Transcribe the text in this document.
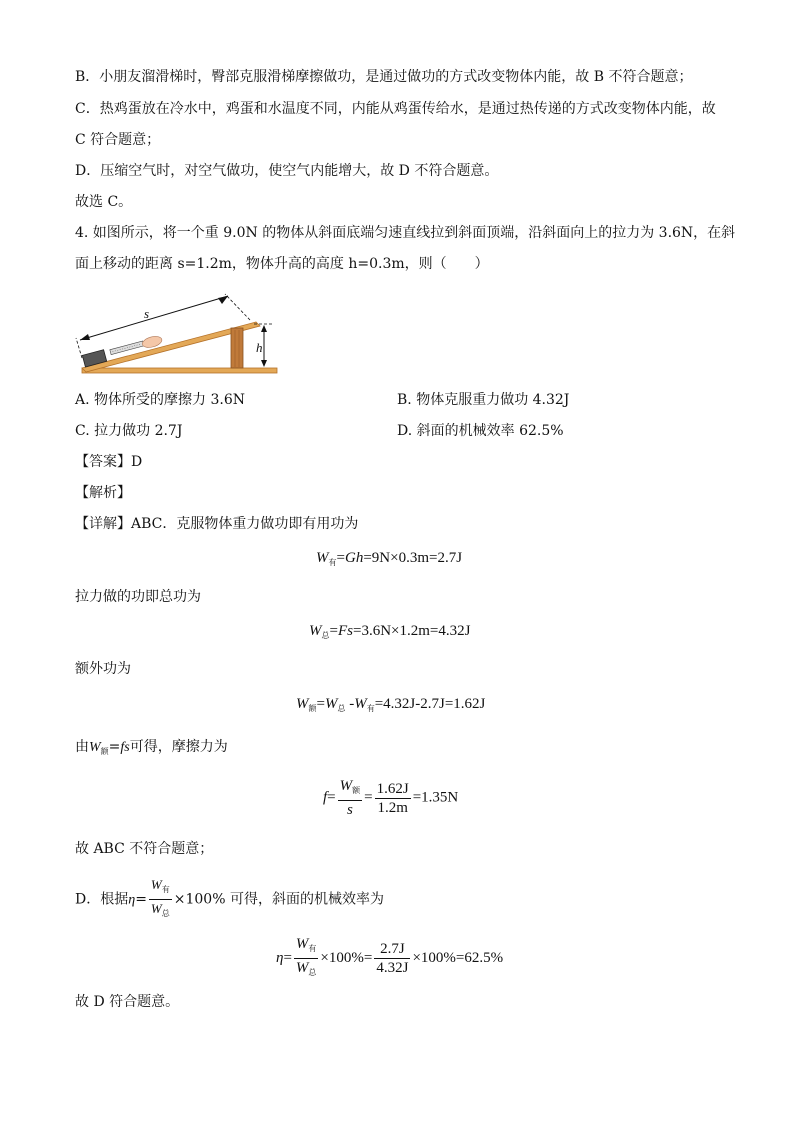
B．小朋友溜滑梯时，臀部克服滑梯摩擦做功，是通过做功的方式改变物体内能，故 B 不符合题意；
C．热鸡蛋放在冷水中，鸡蛋和水温度不同，内能从鸡蛋传给水，是通过热传递的方式改变物体内能，故
C 符合题意；
D．压缩空气时，对空气做功，使空气内能增大，故 D 不符合题意。
故选 C。
4. 如图所示，将一个重 9.0N 的物体从斜面底端匀速直线拉到斜面顶端，沿斜面向上的拉力为 3.6N，在斜
面上移动的距离 s=1.2m，物体升高的高度 h=0.3m，则（　　）
s
h
A. 物体所受的摩擦力 3.6N	B. 物体克服重力做功 4.32J
C. 拉力做功 2.7J	D. 斜面的机械效率 62.5%
【答案】D
【解析】
【详解】ABC．克服物体重力做功即有用功为
$W_有=Gh=9N\times 0.3m=2.7J$
拉力做的功即总功为
$W_总=Fs=3.6N\times 1.2m=4.32J$
额外功为
$W_额=W_总$ $-W_有=4.32J-2.7J=1.62J$
由$W_额=fs$可得，摩擦力为
$f= \frac{W_额}{s} = \frac{1.62J}{1.2m} =1.35N$
故 ABC 不符合题意；
D．根据$\eta= \frac{W_有}{W_总} \times 100\%$ 可得，斜面的机械效率为
$\eta= \frac{W_有}{W_总} \times 100\%= \frac{2.7J}{4.32J} \times 100\%=62.5\%$
故 D 符合题意。
